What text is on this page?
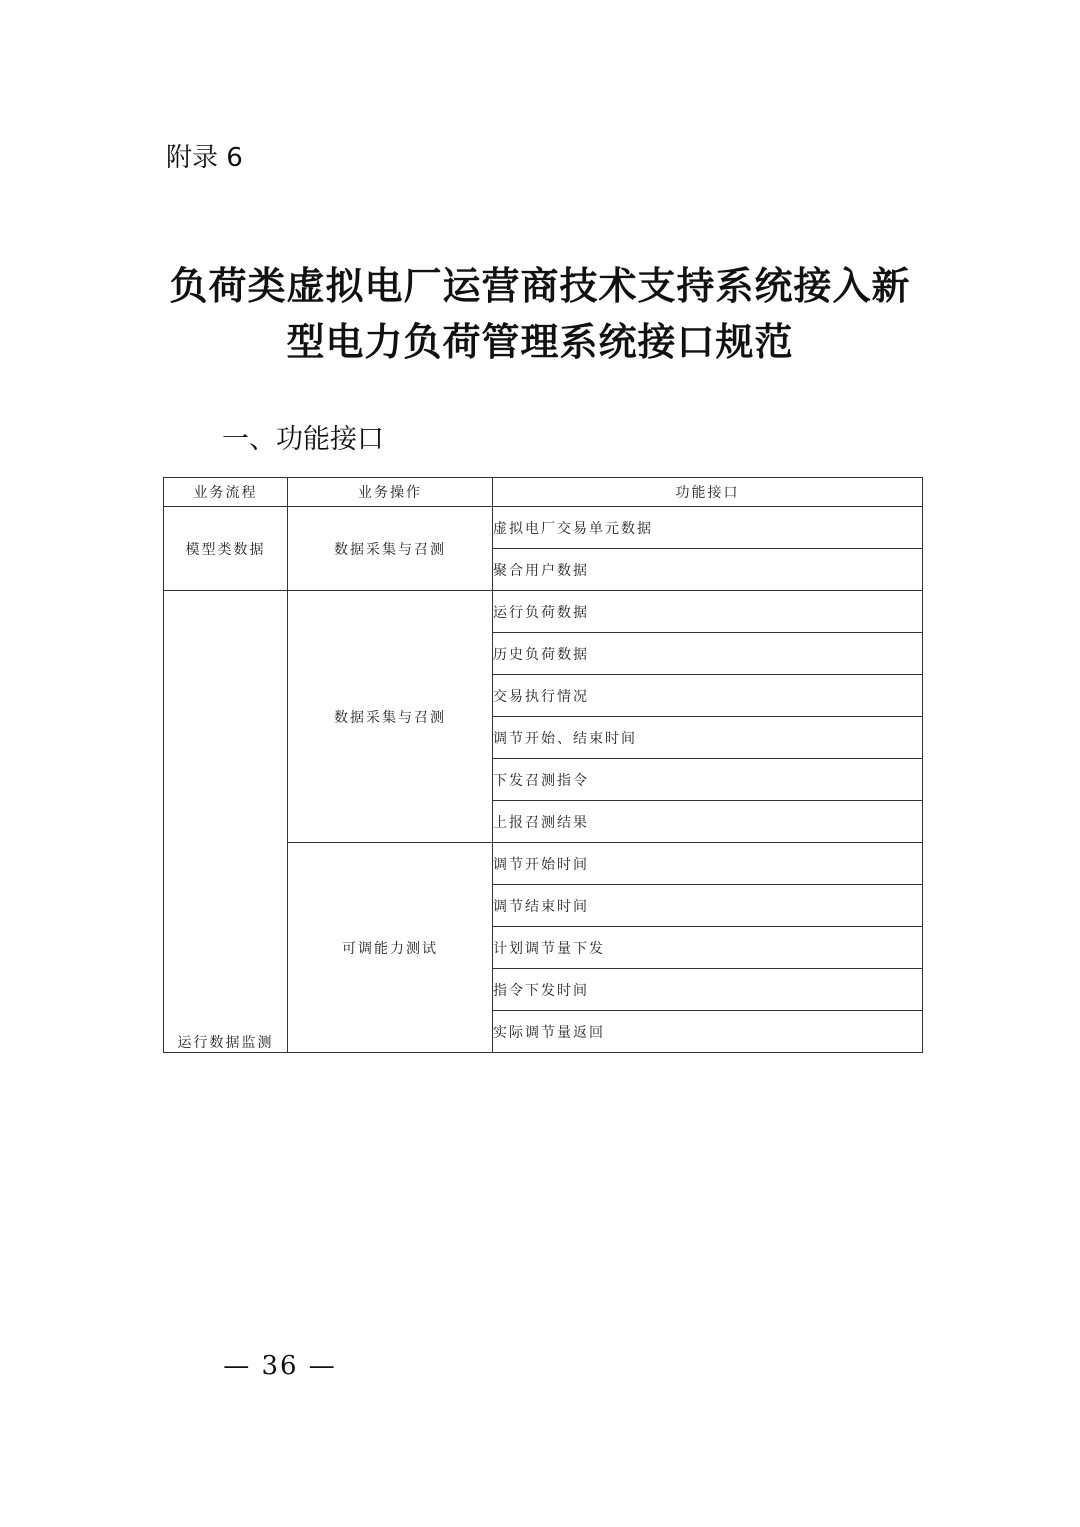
附录 6
负荷类虚拟电厂运营商技术支持系统接入新
型电力负荷管理系统接口规范
一、功能接口
业务流程	业务操作	功能接口
模型类数据	数据采集与召测	虚拟电厂交易单元数据
		聚合用户数据
运行数据监测	数据采集与召测	运行负荷数据
		历史负荷数据
		交易执行情况
		调节开始、结束时间
		下发召测指令
		上报召测结果
	可调能力测试	调节开始时间
		调节结束时间
		计划调节量下发
		指令下发时间
		实际调节量返回
— 36 —
